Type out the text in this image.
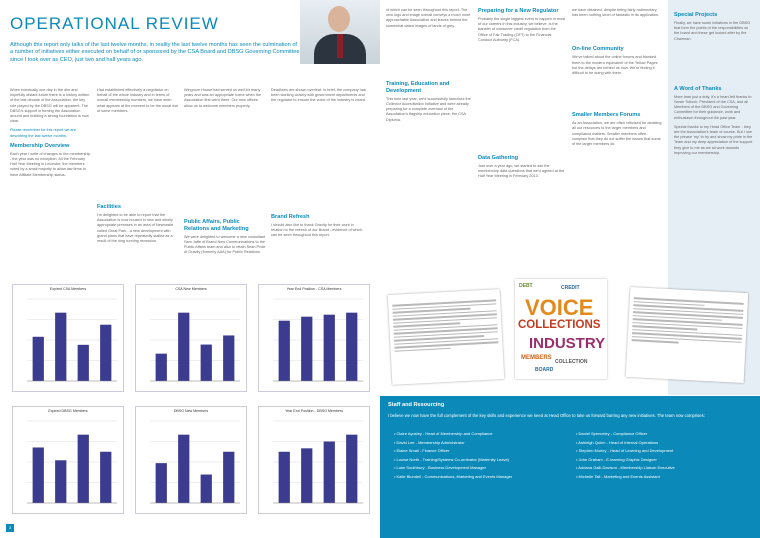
OPERATIONAL REVIEW
Although this report only talks of the last twelve months, in reality the last twelve months has seen the culmination of a number of initiatives either executed on behalf of or sponsored by the CSA Board and DBSG Governing Committee since I took over as CEO, just two and half years ago.

When eventually one day in the dim and hopefully distant future there is a history written of the last decade of the Association, the key role played by the DBSG will be apparent. The DBSG's support in turning the Association around and building a strong foundation is now clear.

Please remember for this report we are describing the last twelve months.

Membership Overview

Each year I write of changes to the membership - the year was no exception. All the February Half Year Meeting in Leicester, the members voted by a small majority to allow law firms to have Affiliate Membership status.

Had established effectively a negotiator on behalf of the whole industry and in terms of overall membership numbers, we have seen what appears at the moment to be the usual rise of some members.

Facilities

I'm delighted to be able to report that the Association is now housed in new and wholly appropriate premises in an area of Newcastle called Great Park - a new development with grand plans that have repeatedly stalled as a result of the long running recession.

Wingrove House had served us well for many years and was an appropriate home when the Association first went there. Our new offices allow us to welcome members properly.

Public Affairs, Public Relations and Marketing

We were delighted to welcome a new consultant Sam Jaffe of Brand New Communications to the Public Affairs team and also to retain Sean Prole of Gravity (formerly AAA) for Public Relations.

Deadlines are shown overleaf. In brief, the company has been working closely with government departments and the regulator to ensure the voice of the industry is heard.

Brand Refresh

I should also like to thank Gravity for their work in relation to the refresh of our Brand - evidence of which can be seen throughout this report.

Expired CSA Members	CSA New Members	Year End Position - CSA Members
Expired DBSG Members	DBSG New Members	Year End Position - DBSG Members
3

of which can be seen throughout this report. The new logo and image overall conveys a much more approachable Association and leaves behind the somewhat dated images of lands of grey.

Training, Education and Development

This time last year, we'd successfully launched the Collector Accreditation Initiative and were already preparing for a complete overhaul of the Association's flagship education piece, the CSA Diploma.

Preparing for a New Regulator

Probably the single biggest event to happen in most of our careers in this industry, we believe, is the transfer of consumer credit regulation from the Office of Fair Trading (OFT) to the Financial Conduct Authority (FCA).

Data Gathering

Just over a year ago, we started to ask the membership data questions that we'd agreed at the Half Year Meeting in February 2013.

we have obtained, despite being fairly rudimentary, has been nothing short of fantastic in its application.

On-line Community

We've talked about the online forums and blanked them to the modern equivalent of the Yellow Pages but the delays are behind us now. We're finding it difficult to be doing with them.

Smaller Members Forums

As an Association, we are often criticised for deciding all our resources to the larger members and compliance matters. Smaller members often complain that they do not suffer the issues that some of the larger members do.

Special Projects

Finally, we have some initiatives in the DBSG that form the points of the responsibilities on the board and these get looked after by the Chairman.

A Word of Thanks

More than just a duty, it's a heart-felt thanks to Sarah Tulloch, President of the CSA, and all Members of the DBSG and Governing Committee for their guidance, work and enthusiasm throughout the past year.

Special thanks to my Head Office Team - they are the Association's team of course. But I use the phrase 'my' to try and show my pride in the Team and my deep appreciation of the support they give to me as we all work towards improving our membership.

VOICE
COLLECTIONS
INDUSTRY
DEBT	CREDIT
MEMBERS
COLLECTION
BOARD
Staff and Resourcing
I believe we now have the full complement of the key skills and experience we need at Head Office to take us forward barring any new initiatives. The team now comprises:
• Claire Aynsley - Head of Membership and Compliance
• David Lee - Membership Administrator
• Elaine Small - Finance Officer
• Louise North - Training/Systems Co-ordinator (Maternity Leave)
• Luke Southbury - Business Development Manager
• Katie Blundell - Communications, Marketing and Events Manager
• Daniel Spenceley - Compliance Officer
• Ashleigh Quinn - Head of Internal Operations
• Stephen Morley - Head of Learning and Development
• John Graham - E-learning Graphic Designer
• Adriana Galli-Davison - Membership Liaison Executive
• Michelle Tait - Marketing and Events Assistant
